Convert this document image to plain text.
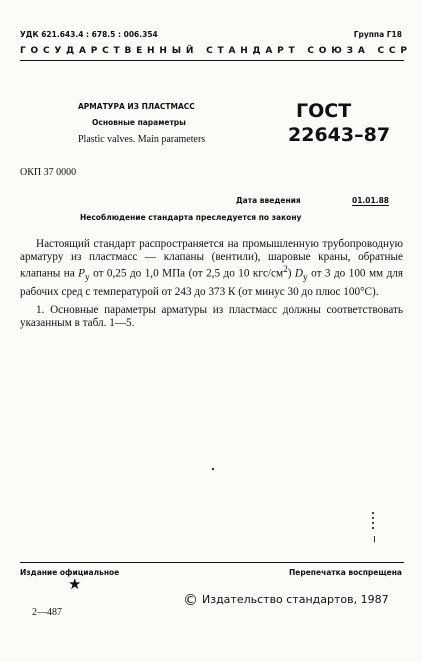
УДК 621.643.4 : 678.5 : 006.354	Группа Г18
ГОСУДАРСТВЕННЫЙ СТАНДАРТ СОЮЗА ССР
АРМАТУРА ИЗ ПЛАСТМАСС
Основные параметры
Plastic valves. Main parameters
ГОСТ
22643–87
ОКП 37 0000
Дата введения	01.01.88
Несоблюдение стандарта преследуется по закону
Настоящий стандарт распространяется на промышленную трубопроводную арматуру из пластмасс — клапаны (вентили), шаровые краны, обратные клапаны на $P_y$ от 0,25 до 1,0 МПа (от 2,5 до 10 кгс/$см^2$) $D_y$ от 3 до 100 мм для рабочих сред с температурой от 243 до 373 К (от минус 30 до плюс 100°С).
1. Основные параметры арматуры из пластмасс должны соответствовать указанным в табл. 1—5.
Издание официальное	Перепечатка воспрещена
★
© Издательство стандартов, 1987
2—487
